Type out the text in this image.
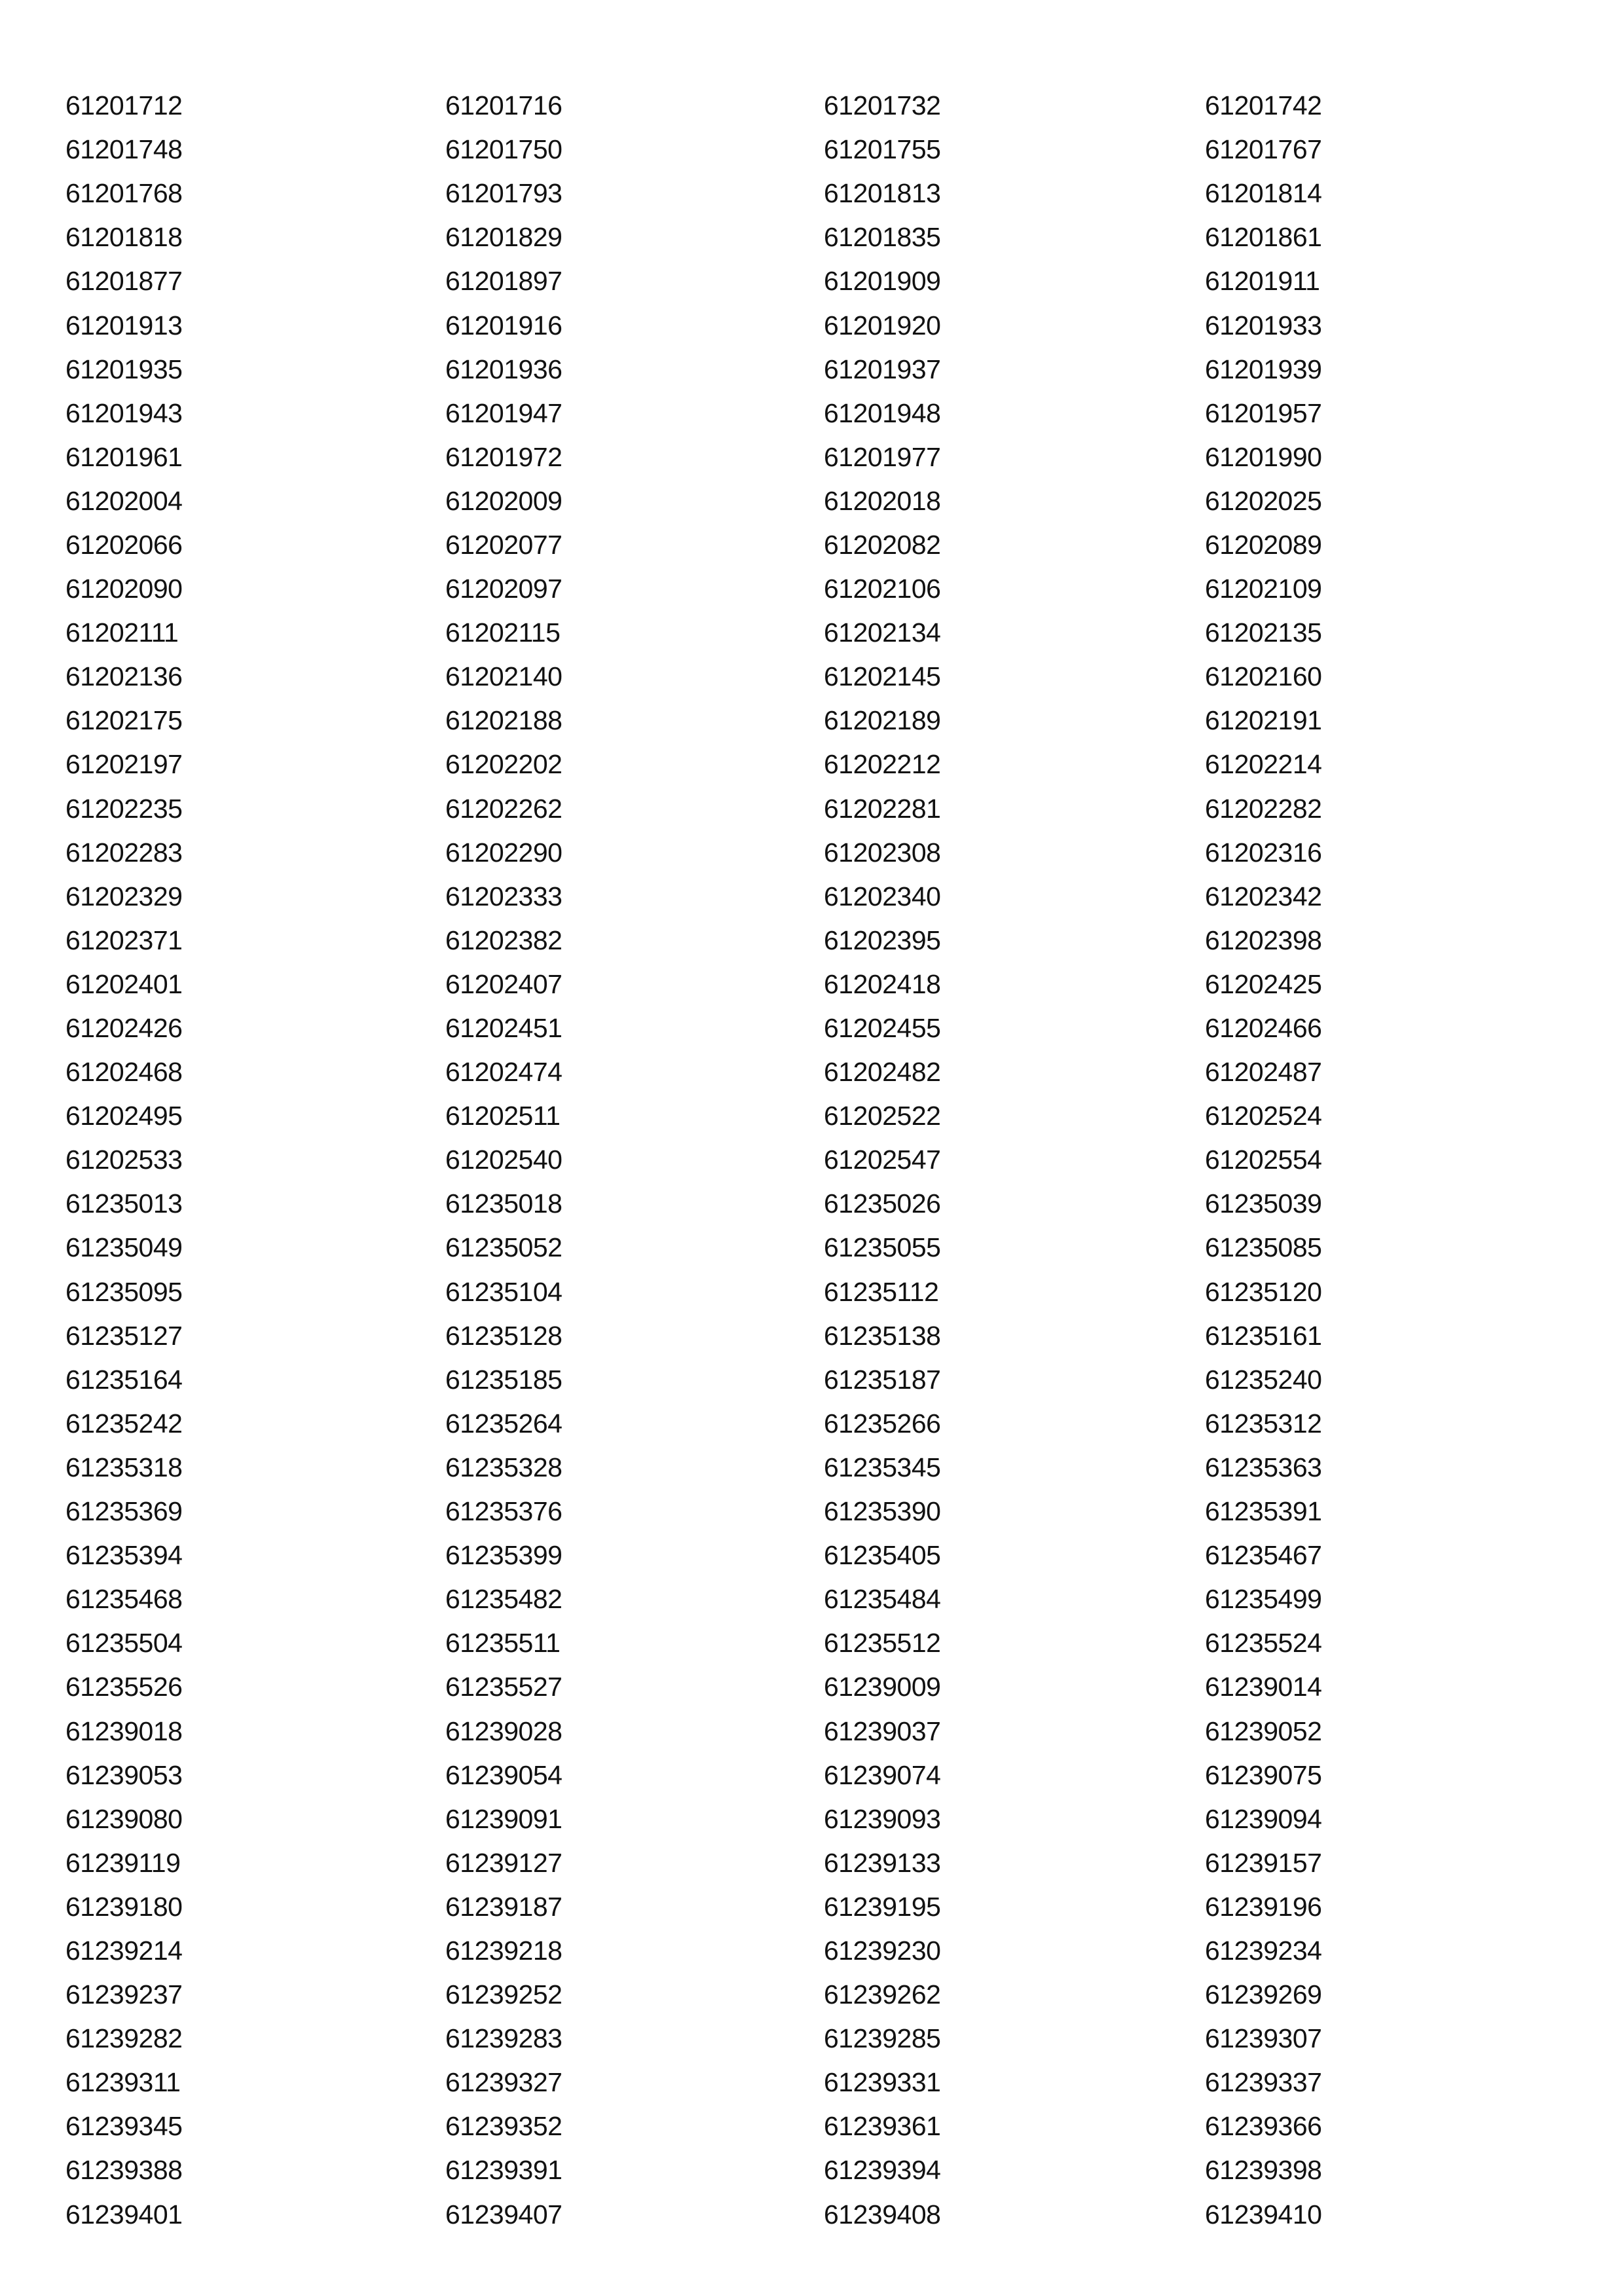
61201712	61201716	61201732	61201742
61201748	61201750	61201755	61201767
61201768	61201793	61201813	61201814
61201818	61201829	61201835	61201861
61201877	61201897	61201909	61201911
61201913	61201916	61201920	61201933
61201935	61201936	61201937	61201939
61201943	61201947	61201948	61201957
61201961	61201972	61201977	61201990
61202004	61202009	61202018	61202025
61202066	61202077	61202082	61202089
61202090	61202097	61202106	61202109
61202111	61202115	61202134	61202135
61202136	61202140	61202145	61202160
61202175	61202188	61202189	61202191
61202197	61202202	61202212	61202214
61202235	61202262	61202281	61202282
61202283	61202290	61202308	61202316
61202329	61202333	61202340	61202342
61202371	61202382	61202395	61202398
61202401	61202407	61202418	61202425
61202426	61202451	61202455	61202466
61202468	61202474	61202482	61202487
61202495	61202511	61202522	61202524
61202533	61202540	61202547	61202554
61235013	61235018	61235026	61235039
61235049	61235052	61235055	61235085
61235095	61235104	61235112	61235120
61235127	61235128	61235138	61235161
61235164	61235185	61235187	61235240
61235242	61235264	61235266	61235312
61235318	61235328	61235345	61235363
61235369	61235376	61235390	61235391
61235394	61235399	61235405	61235467
61235468	61235482	61235484	61235499
61235504	61235511	61235512	61235524
61235526	61235527	61239009	61239014
61239018	61239028	61239037	61239052
61239053	61239054	61239074	61239075
61239080	61239091	61239093	61239094
61239119	61239127	61239133	61239157
61239180	61239187	61239195	61239196
61239214	61239218	61239230	61239234
61239237	61239252	61239262	61239269
61239282	61239283	61239285	61239307
61239311	61239327	61239331	61239337
61239345	61239352	61239361	61239366
61239388	61239391	61239394	61239398
61239401	61239407	61239408	61239410
